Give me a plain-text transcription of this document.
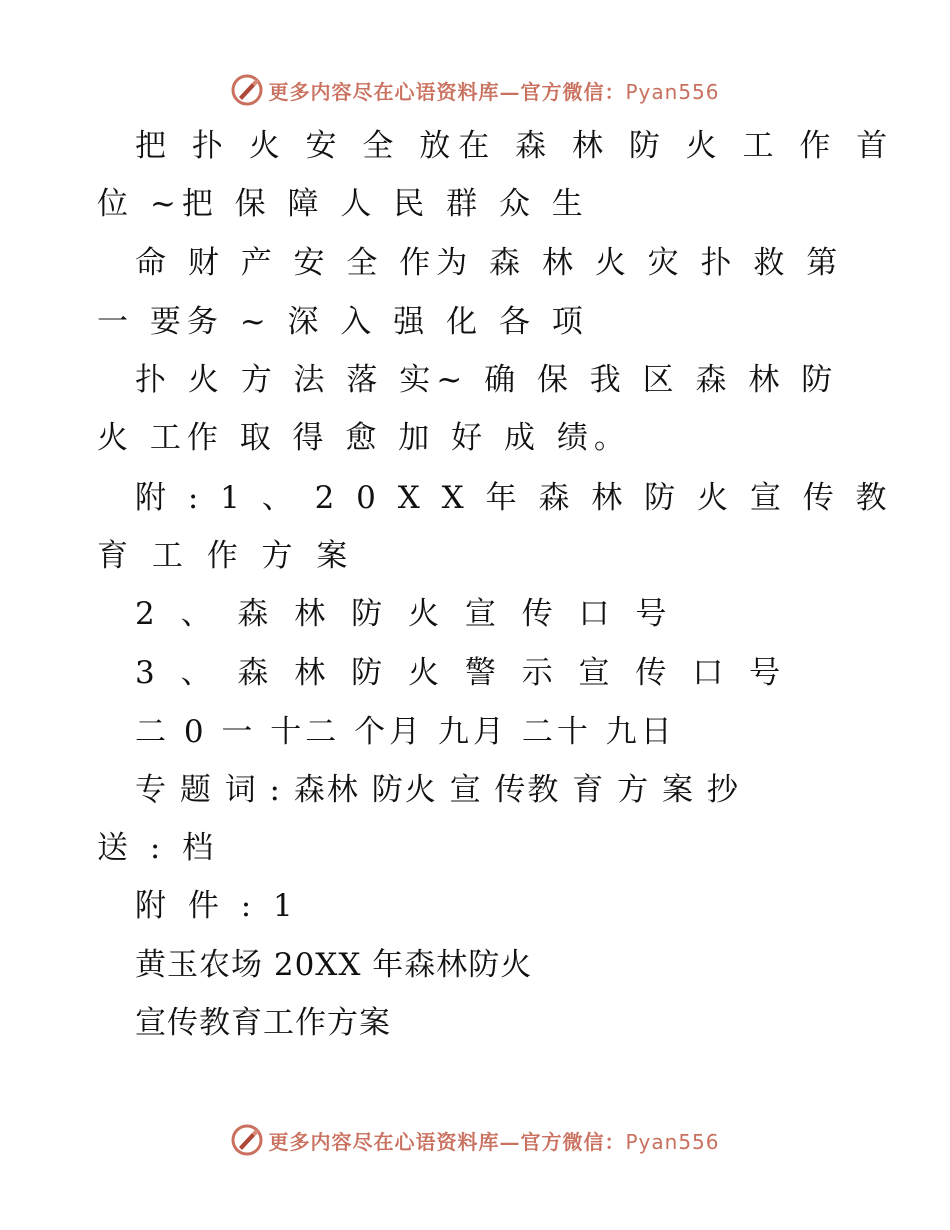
更多内容尽在心语资料库—官方微信：Pyan556
把 扑 火 安 全 放在 森 林 防 火 工 作 首
位 ~把 保 障 人 民 群 众 生
命 财 产 安 全 作为 森 林 火 灾 扑 救 第
一 要务 ~ 深 入 强 化 各 项
扑 火 方 法 落 实~ 确 保 我 区 森 林 防
火 工作 取 得 愈 加 好 成 绩。
附 : 1 、 2 0 X X 年 森 林 防 火 宣 传 教
育 工 作 方 案
2 、 森 林 防 火 宣 传 口 号
3 、 森 林 防 火 警 示 宣 传 口 号
二 0 一 十二 个月 九月 二十 九日
专 题 词 : 森林 防火 宣 传教 育 方 案 抄
送 : 档
附 件 : 1
黄玉农场 20XX 年森林防火
宣传教育工作方案
更多内容尽在心语资料库—官方微信：Pyan556
